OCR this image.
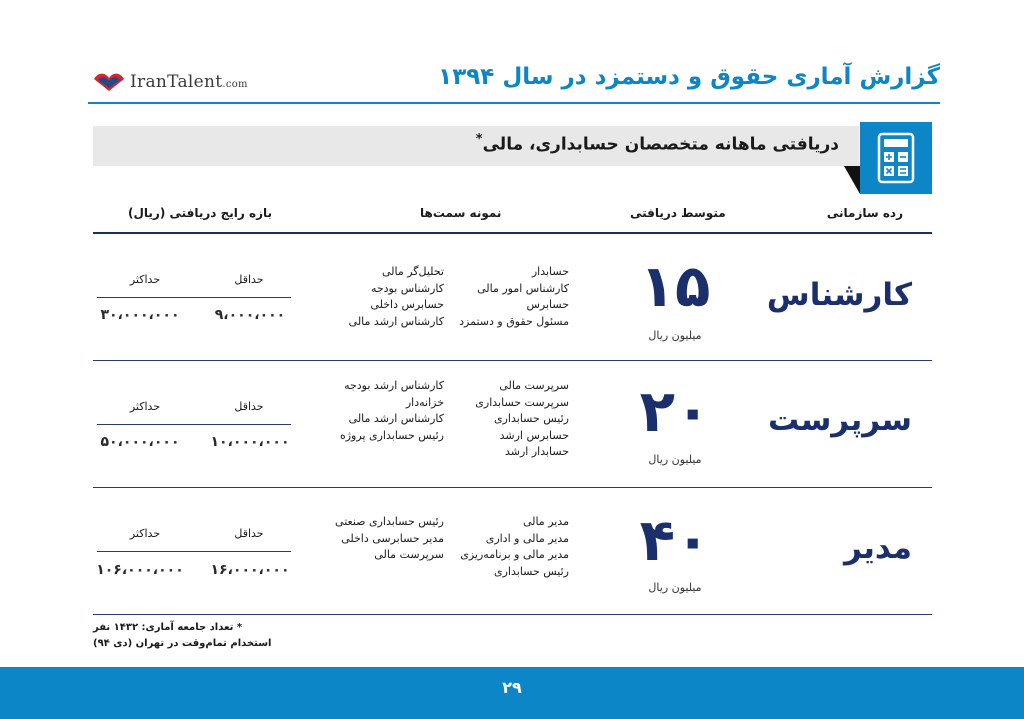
IranTalent.com	گزارش آماری حقوق و دستمزد در سال ۱۳۹۴
دریافتی ماهانه متخصصان حسابداری، مالی*
رده سازمانی
متوسط دریافتی
نمونه سمت‌ها
بازه رایج دریافتی (ریال)
کارشناس
۱۵
میلیون ریال
حسابدار
کارشناس امور مالی
حسابرس
مسئول حقوق و دستمزد
تحلیل‌گر مالی
کارشناس بودجه
حسابرس داخلی
کارشناس ارشد مالی
حداقل
حداکثر
۹،۰۰۰،۰۰۰
۳۰،۰۰۰،۰۰۰
سرپرست
۲۰
میلیون ریال
سرپرست مالی
سرپرست حسابداری
رئیس حسابداری
حسابرس ارشد
حسابدار ارشد
کارشناس ارشد بودجه
خزانه‌دار
کارشناس ارشد مالی
رئیس حسابداری پروژه
حداقل
حداکثر
۱۰،۰۰۰،۰۰۰
۵۰،۰۰۰،۰۰۰
مدیر
۴۰
میلیون ریال
مدیر مالی
مدیر مالی و اداری
مدیر مالی و برنامه‌ریزی
رئیس حسابداری
رئیس حسابداری صنعتی
مدیر حسابرسی داخلی
سرپرست مالی
حداقل
حداکثر
۱۶،۰۰۰،۰۰۰
۱۰۶،۰۰۰،۰۰۰
* تعداد جامعه آماری: ۱۴۳۲ نفر
استخدام تمام‌وقت در تهران (دی ۹۴)
۲۹
